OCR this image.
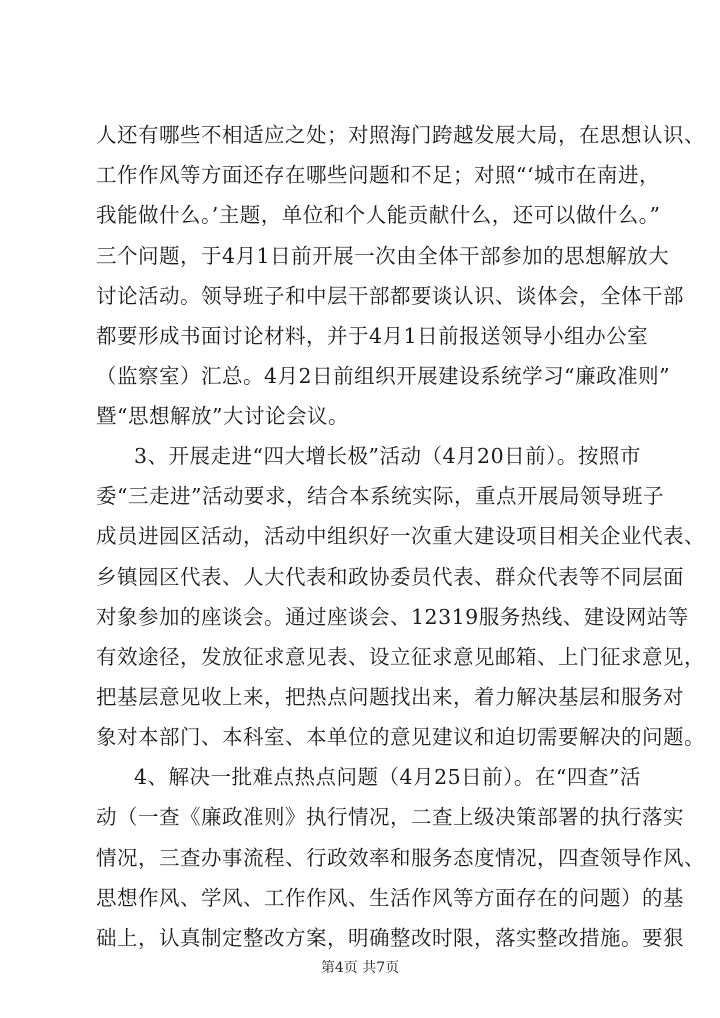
人还有哪些不相适应之处；对照海门跨越发展大局，在思想认识、
工作作风等方面还存在哪些问题和不足；对照“‘城市在南进，
我能做什么。’主题，单位和个人能贡献什么，还可以做什么。”
三个问题，于4月1日前开展一次由全体干部参加的思想解放大
讨论活动。领导班子和中层干部都要谈认识、谈体会，全体干部
都要形成书面讨论材料，并于4月1日前报送领导小组办公室
（监察室）汇总。4月2日前组织开展建设系统学习“廉政准则”
暨“思想解放”大讨论会议。
3、开展走进“四大增长极”活动（4月20日前）。按照市
委“三走进”活动要求，结合本系统实际，重点开展局领导班子
成员进园区活动，活动中组织好一次重大建设项目相关企业代表、
乡镇园区代表、人大代表和政协委员代表、群众代表等不同层面
对象参加的座谈会。通过座谈会、12319服务热线、建设网站等
有效途径，发放征求意见表、设立征求意见邮箱、上门征求意见，
把基层意见收上来，把热点问题找出来，着力解决基层和服务对
象对本部门、本科室、本单位的意见建议和迫切需要解决的问题。
4、解决一批难点热点问题（4月25日前）。在“四查”活
动（一查《廉政准则》执行情况，二查上级决策部署的执行落实
情况，三查办事流程、行政效率和服务态度情况，四查领导作风、
思想作风、学风、工作作风、生活作风等方面存在的问题）的基
础上，认真制定整改方案，明确整改时限，落实整改措施。要狠
第4页 共7页
